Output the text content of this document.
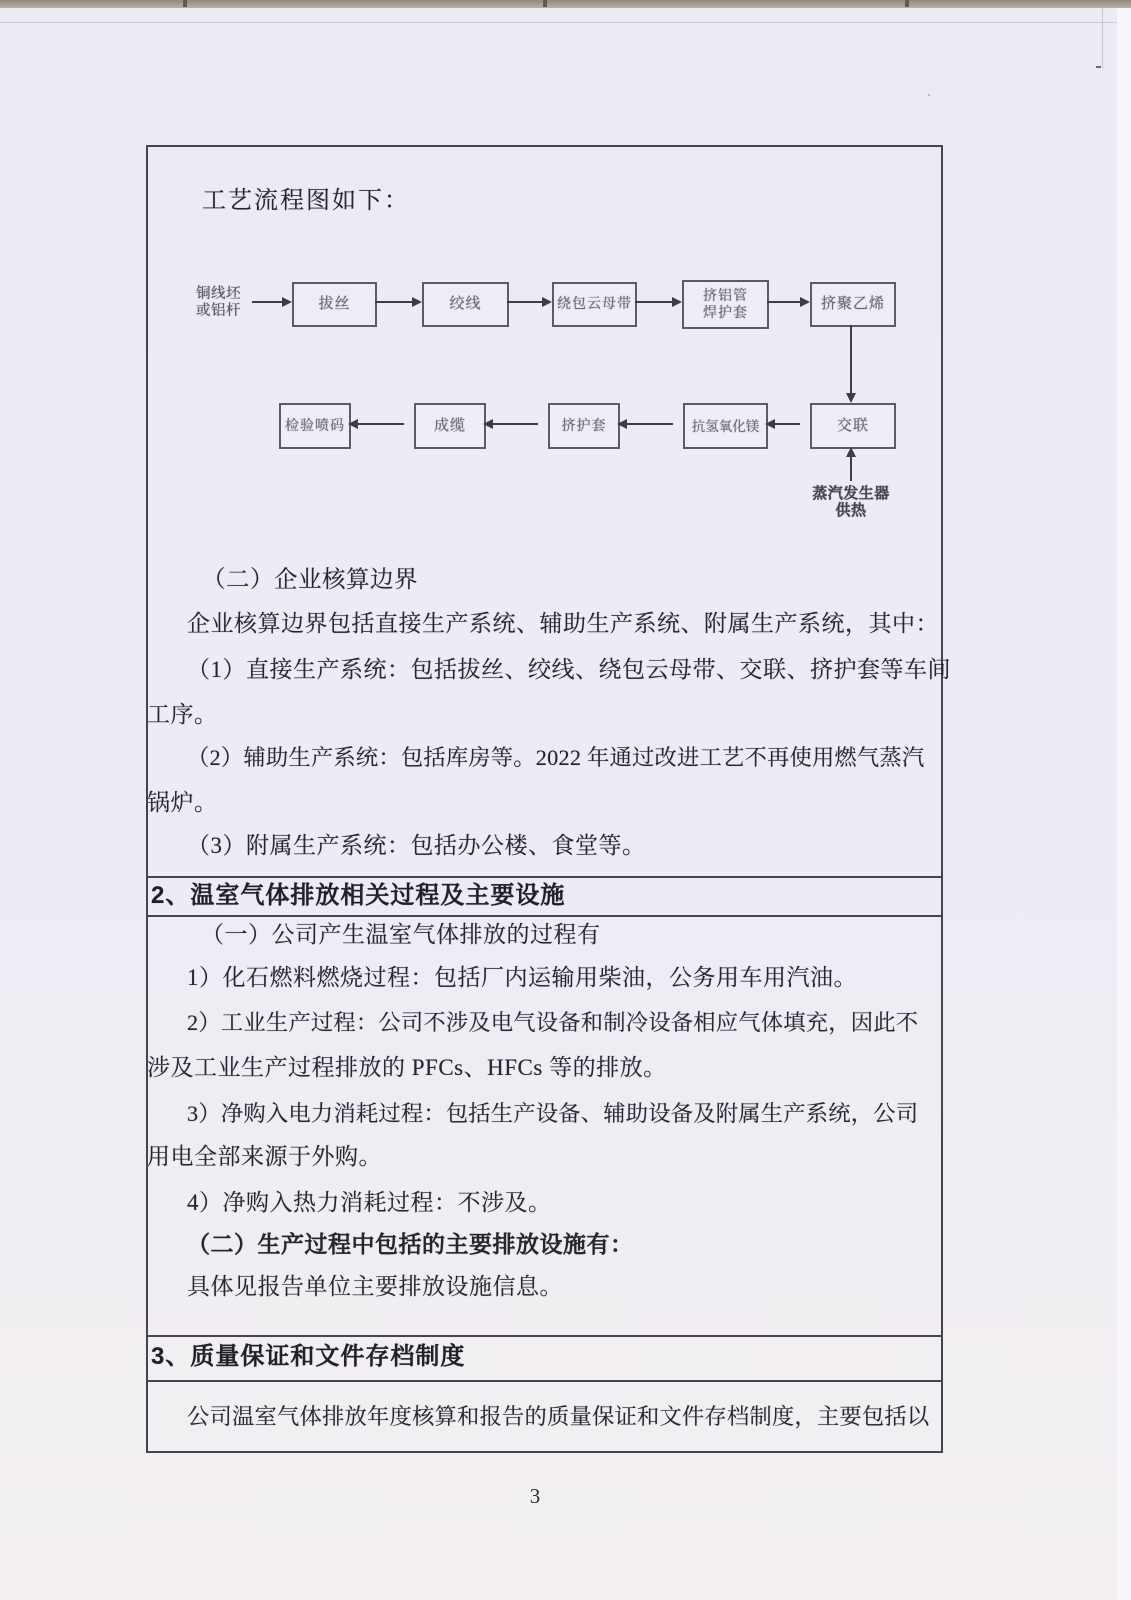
工艺流程图如下：
铜线坯
或铝杆	拔丝	绞线	绕包云母带
挤铝管
焊护套
挤聚乙烯
检验喷码	成缆	挤护套	抗氢氧化镁	交联
蒸汽发生器
供热
（二）企业核算边界
企业核算边界包括直接生产系统、辅助生产系统、附属生产系统，其中：
（1）直接生产系统：包括拔丝、绞线、绕包云母带、交联、挤护套等车间
工序。
（2）辅助生产系统：包括库房等。2022 年通过改进工艺不再使用燃气蒸汽
锅炉。
（3）附属生产系统：包括办公楼、食堂等。
2、温室气体排放相关过程及主要设施
（一）公司产生温室气体排放的过程有
1）化石燃料燃烧过程：包括厂内运输用柴油，公务用车用汽油。
2）工业生产过程：公司不涉及电气设备和制冷设备相应气体填充，因此不
涉及工业生产过程排放的 PFCs、HFCs 等的排放。
3）净购入电力消耗过程：包括生产设备、辅助设备及附属生产系统，公司
用电全部来源于外购。
4）净购入热力消耗过程：不涉及。
（二）生产过程中包括的主要排放设施有：
具体见报告单位主要排放设施信息。
3、质量保证和文件存档制度
公司温室气体排放年度核算和报告的质量保证和文件存档制度，主要包括以
3
